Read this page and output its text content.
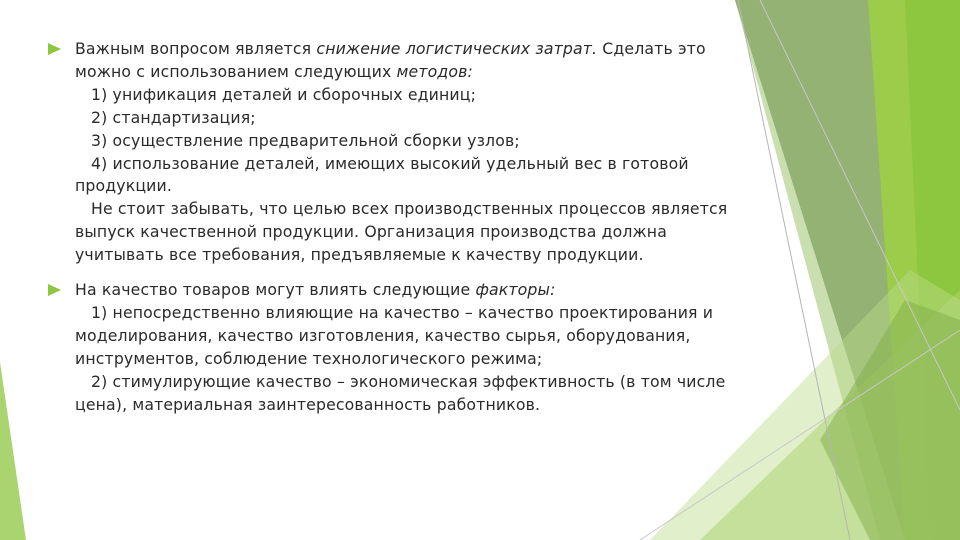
Важным вопросом является снижение логистических затрат. Сделать это можно с использованием следующих методов:
1) унификация деталей и сборочных единиц;
2) стандартизация;
3) осуществление предварительной сборки узлов;
4) использование деталей, имеющих высокий удельный вес в готовой продукции.
Не стоит забывать, что целью всех производственных процессов является выпуск качественной продукции. Организация производства должна учитывать все требования, предъявляемые к качеству продукции.
На качество товаров могут влиять следующие факторы:
1) непосредственно влияющие на качество – качество проектирования и моделирования, качество изготовления, качество сырья, оборудования, инструментов, соблюдение технологического режима;
2) стимулирующие качество – экономическая эффективность (в том числе цена), материальная заинтересованность работников.
